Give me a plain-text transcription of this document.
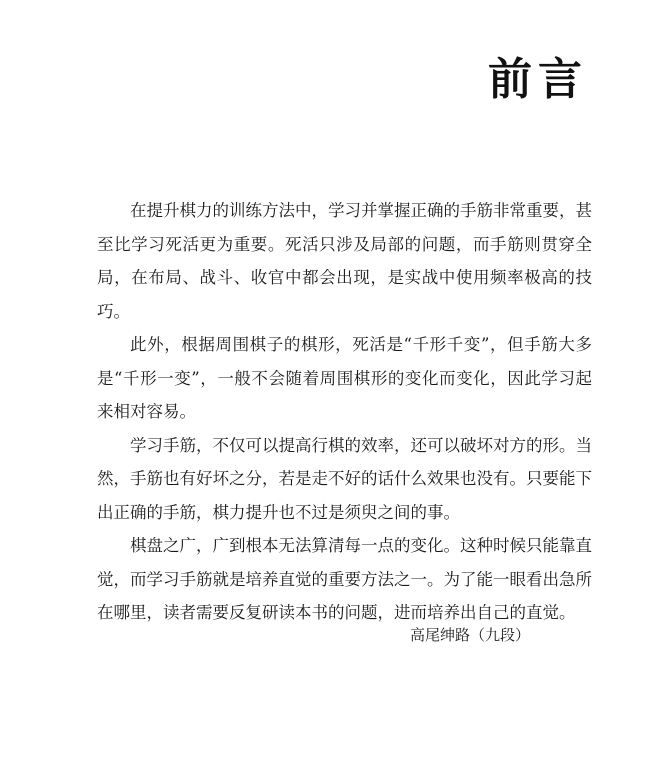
前言

在提升棋力的训练方法中，学习并掌握正确的手筋非常重要，甚至比学习死活更为重要。死活只涉及局部的问题，而手筋则贯穿全局，在布局、战斗、收官中都会出现，是实战中使用频率极高的技巧。

此外，根据周围棋子的棋形，死活是“千形千变”，但手筋大多是“千形一变”，一般不会随着周围棋形的变化而变化，因此学习起来相对容易。

学习手筋，不仅可以提高行棋的效率，还可以破坏对方的形。当然，手筋也有好坏之分，若是走不好的话什么效果也没有。只要能下出正确的手筋，棋力提升也不过是须臾之间的事。

棋盘之广，广到根本无法算清每一点的变化。这种时候只能靠直觉，而学习手筋就是培养直觉的重要方法之一。为了能一眼看出急所在哪里，读者需要反复研读本书的问题，进而培养出自己的直觉。

高尾绅路（九段）
